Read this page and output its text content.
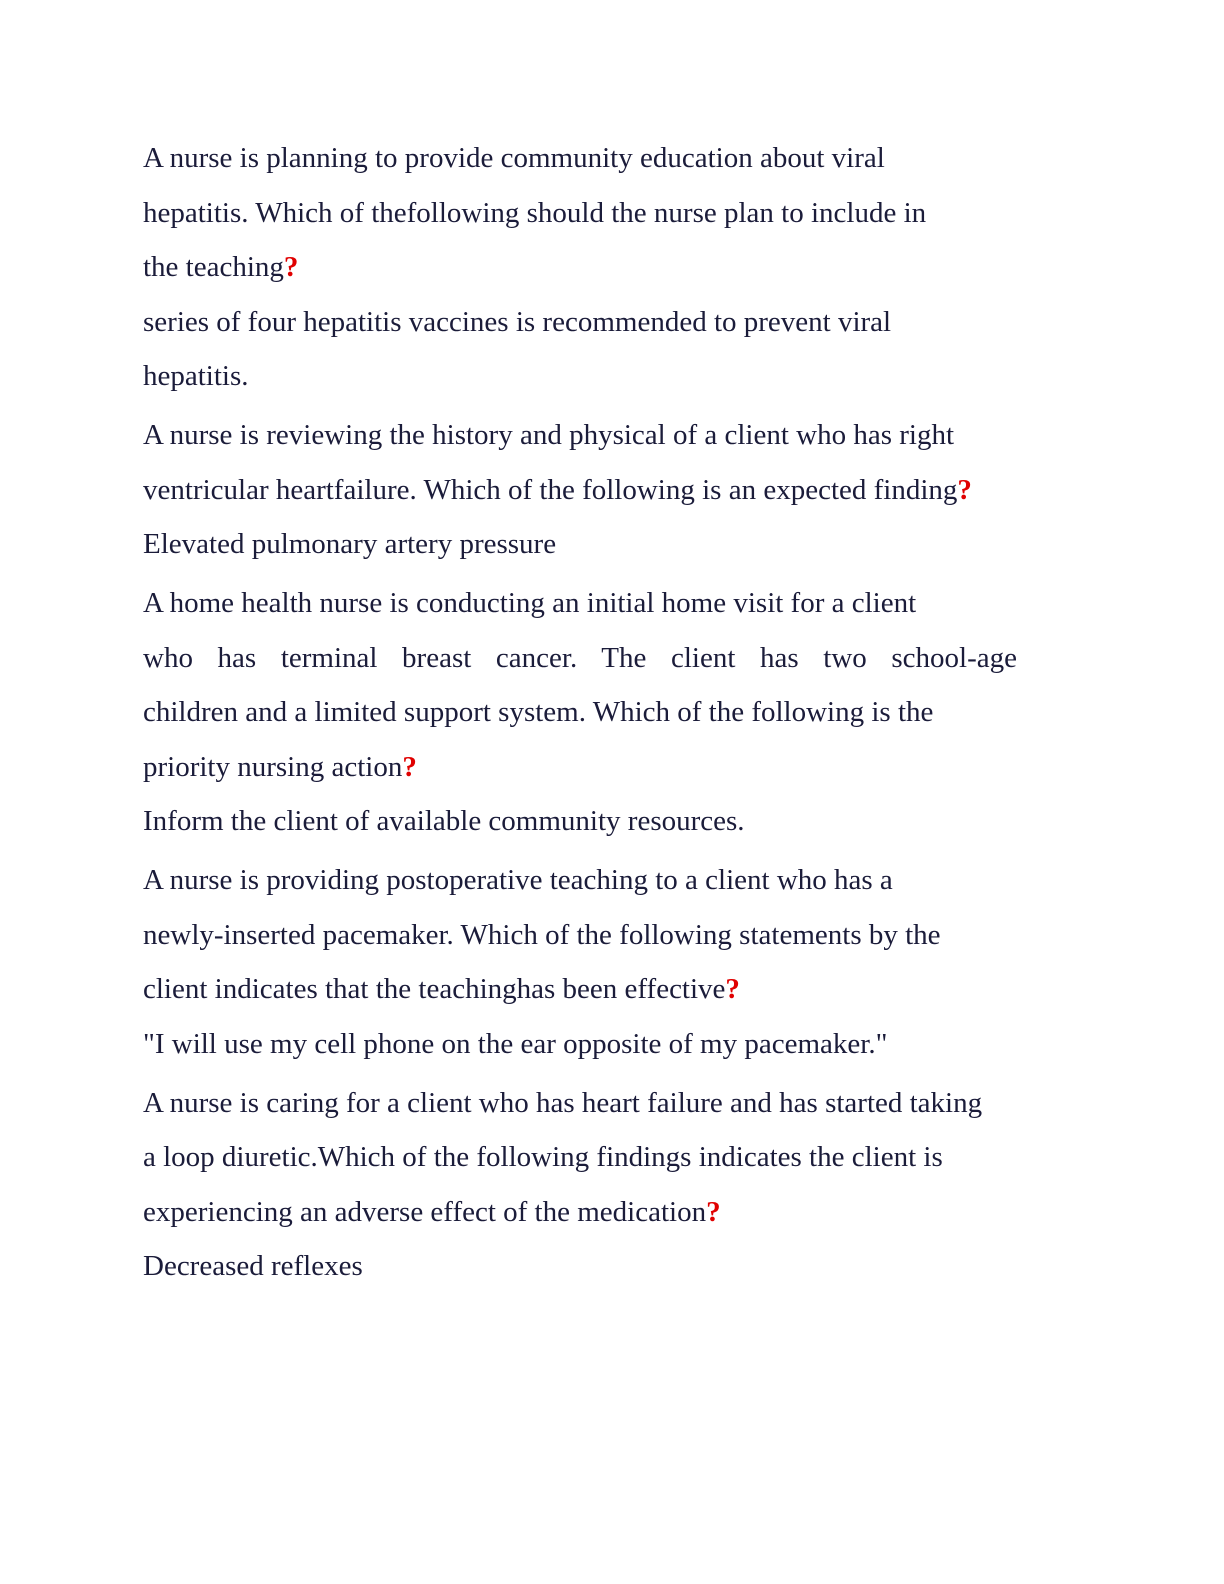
A nurse is planning to provide community education about viral
hepatitis. Which of thefollowing should the nurse plan to include in
the teaching?
series of four hepatitis vaccines is recommended to prevent viral
hepatitis.
A nurse is reviewing the history and physical of a client who has right
ventricular heartfailure. Which of the following is an expected finding?
Elevated pulmonary artery pressure
A home health nurse is conducting an initial home visit for a client
who has terminal breast cancer. The client has two school-age
children and a limited support system. Which of the following is the
priority nursing action?
Inform the client of available community resources.
A nurse is providing postoperative teaching to a client who has a
newly-inserted pacemaker. Which of the following statements by the
client indicates that the teachinghas been effective?
"I will use my cell phone on the ear opposite of my pacemaker."
A nurse is caring for a client who has heart failure and has started taking
a loop diuretic.Which of the following findings indicates the client is
experiencing an adverse effect of the medication?
Decreased reflexes
